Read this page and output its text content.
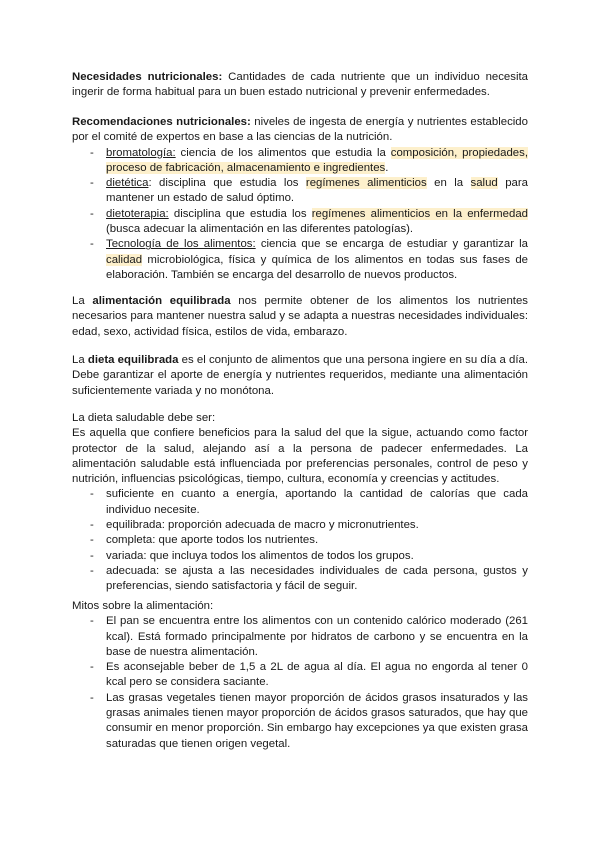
Necesidades nutricionales: Cantidades de cada nutriente que un individuo necesita ingerir de forma habitual para un buen estado nutricional y prevenir enfermedades.

Recomendaciones nutricionales: niveles de ingesta de energía y nutrientes establecido por el comité de expertos en base a las ciencias de la nutrición.

- bromatología: ciencia de los alimentos que estudia la composición, propiedades, proceso de fabricación, almacenamiento e ingredientes.
- dietética: disciplina que estudia los regímenes alimenticios en la salud para mantener un estado de salud óptimo.
- dietoterapia: disciplina que estudia los regímenes alimenticios en la enfermedad (busca adecuar la alimentación en las diferentes patologías).
- Tecnología de los alimentos: ciencia que se encarga de estudiar y garantizar la calidad microbiológica, física y química de los alimentos en todas sus fases de elaboración. También se encarga del desarrollo de nuevos productos.

La alimentación equilibrada nos permite obtener de los alimentos los nutrientes necesarios para mantener nuestra salud y se adapta a nuestras necesidades individuales: edad, sexo, actividad física, estilos de vida, embarazo.

La dieta equilibrada es el conjunto de alimentos que una persona ingiere en su día a día. Debe garantizar el aporte de energía y nutrientes requeridos, mediante una alimentación suficientemente variada y no monótona.

La dieta saludable debe ser:

Es aquella que confiere beneficios para la salud del que la sigue, actuando como factor protector de la salud, alejando así a la persona de padecer enfermedades. La alimentación saludable está influenciada por preferencias personales, control de peso y nutrición, influencias psicológicas, tiempo, cultura, economía y creencias y actitudes.

- suficiente en cuanto a energía, aportando la cantidad de calorías que cada individuo necesite.
- equilibrada: proporción adecuada de macro y micronutrientes.
- completa: que aporte todos los nutrientes.
- variada: que incluya todos los alimentos de todos los grupos.
- adecuada: se ajusta a las necesidades individuales de cada persona, gustos y preferencias, siendo satisfactoria y fácil de seguir.

Mitos sobre la alimentación:

- El pan se encuentra entre los alimentos con un contenido calórico moderado (261 kcal). Está formado principalmente por hidratos de carbono y se encuentra en la base de nuestra alimentación.
- Es aconsejable beber de 1,5 a 2L de agua al día. El agua no engorda al tener 0 kcal pero se considera saciante.
- Las grasas vegetales tienen mayor proporción de ácidos grasos insaturados y las grasas animales tienen mayor proporción de ácidos grasos saturados, que hay que consumir en menor proporción. Sin embargo hay excepciones ya que existen grasa saturadas que tienen origen vegetal.
